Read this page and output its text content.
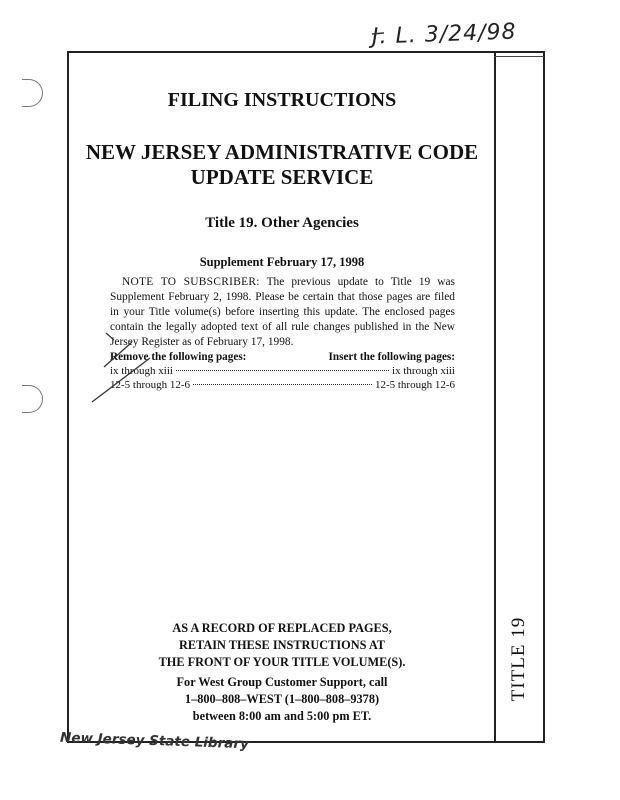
J. L. 3/24/98
FILING INSTRUCTIONS
NEW JERSEY ADMINISTRATIVE CODE
UPDATE SERVICE
Title 19. Other Agencies
Supplement February 17, 1998
NOTE TO SUBSCRIBER: The previous update to Title 19 was Supplement February 2, 1998. Please be certain that those pages are filed in your Title volume(s) before inserting this update. The enclosed pages contain the legally adopted text of all rule changes published in the New Jersey Register as of February 17, 1998.
Remove the following pages:	Insert the following pages:
ix through xiii	ix through xiii
12-5 through 12-6	12-5 through 12-6
AS A RECORD OF REPLACED PAGES,
RETAIN THESE INSTRUCTIONS AT
THE FRONT OF YOUR TITLE VOLUME(S).
For West Group Customer Support, call
1–800–808–WEST (1–800–808–9378)
between 8:00 am and 5:00 pm ET.
TITLE 19
New Jersey State Library
